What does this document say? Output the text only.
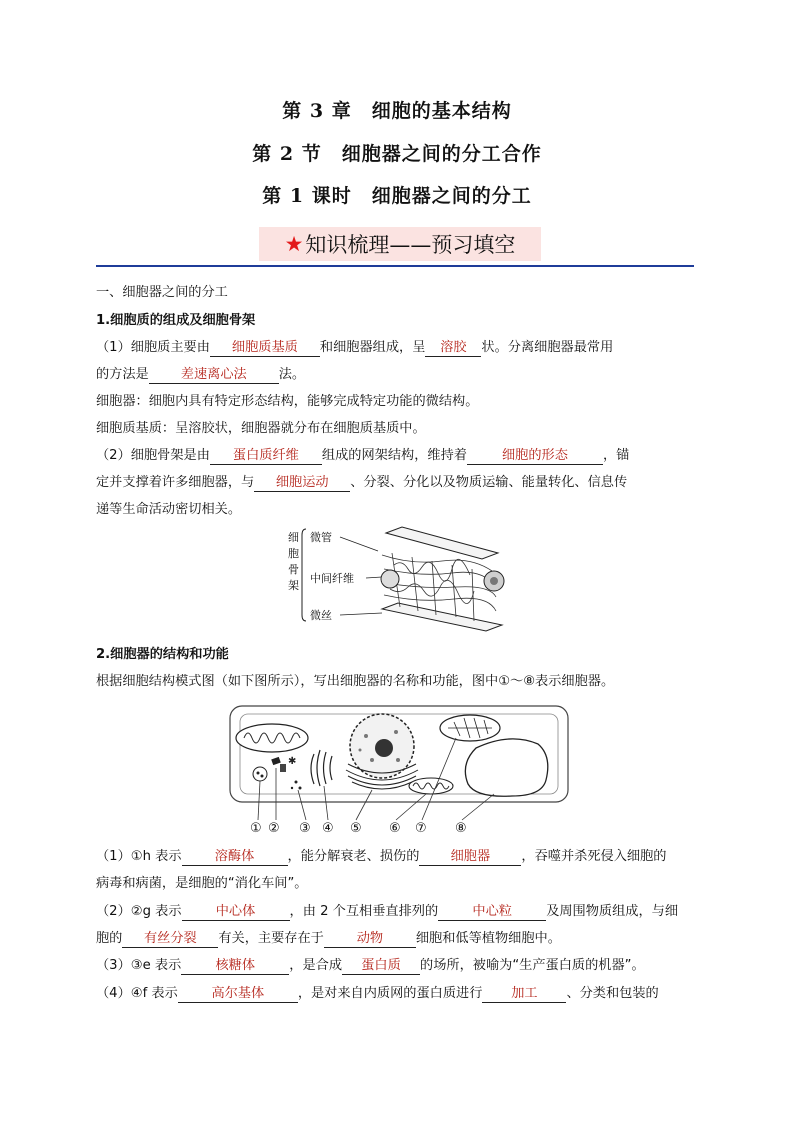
第 3 章　细胞的基本结构
第 2 节　细胞器之间的分工合作
第 1 课时　细胞器之间的分工
★ 知识梳理——预习填空
一、细胞器之间的分工
1.细胞质的组成及细胞骨架
（1）细胞质主要由 细胞质基质 和细胞器组成，呈 溶胶 状。分离细胞器最常用
的方法是 差速离心法 法。
细胞器：细胞内具有特定形态结构，能够完成特定功能的微结构。
细胞质基质：呈溶胶状，细胞器就分布在细胞质基质中。
（2）细胞骨架是由 蛋白质纤维 组成的网架结构，维持着	细胞的形态	，锚
定并支撑着许多细胞器，与 细胞运动 、分裂、分化以及物质运输、能量转化、信息传
递等生命活动密切相关。
细
胞
骨
架
微管
中间纤维
微丝
2.细胞器的结构和功能
根据细胞结构模式图（如下图所示），写出细胞器的名称和功能，图中①～⑧表示细胞器。
✱
① ② ③ ④ ⑤ ⑥ ⑦ ⑧
（1）①h 表示	溶酶体	，能分解衰老、损伤的 细胞器 ，吞噬并杀死侵入细胞的
病毒和病菌，是细胞的“消化车间”。
（2）②g 表示	中心体	，由 2 个互相垂直排列的	中心粒	及周围物质组成，与细
胞的 有丝分裂 有关，主要存在于 动物 细胞和低等植物细胞中。
（3）③e 表示	核糖体	，是合成 蛋白质 的场所，被喻为“生产蛋白质的机器”。
（4）④f 表示	高尔基体	，是对来自内质网的蛋白质进行 加工 、分类和包装的
